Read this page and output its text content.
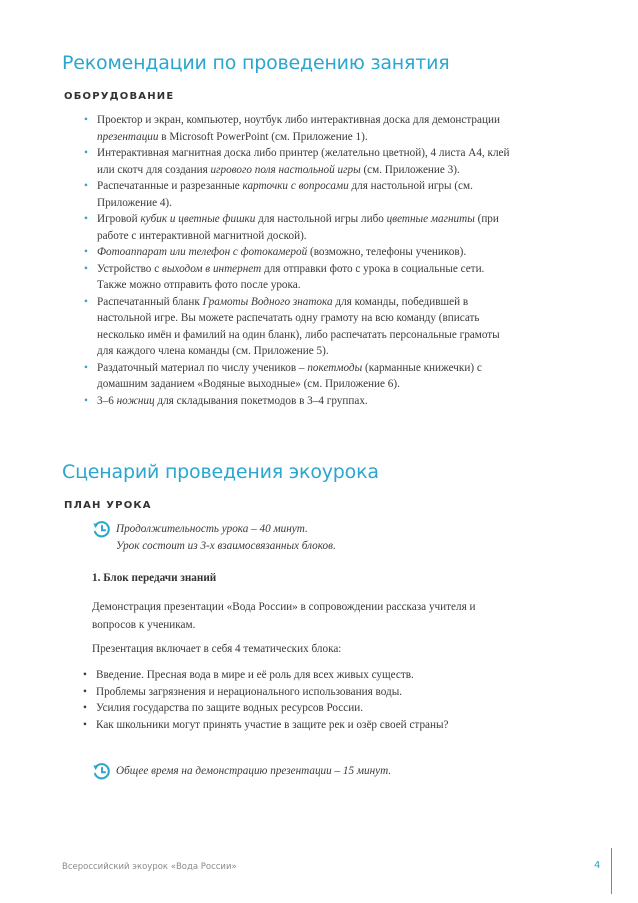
Рекомендации по проведению занятия
ОБОРУДОВАНИЕ
• Проектор и экран, компьютер, ноутбук либо интерактивная доска для демонстрации презентации в Microsoft PowerPoint (см. Приложение 1).
• Интерактивная магнитная доска либо принтер (желательно цветной), 4 листа А4, клей или скотч для создания игрового поля настольной игры (см. Приложение 3).
• Распечатанные и разрезанные карточки с вопросами для настольной игры (см. Приложение 4).
• Игровой кубик и цветные фишки для настольной игры либо цветные магниты (при работе с интерактивной магнитной доской).
• Фотоаппарат или телефон с фотокамерой (возможно, телефоны учеников).
• Устройство с выходом в интернет для отправки фото с урока в социальные сети. Также можно отправить фото после урока.
• Распечатанный бланк Грамоты Водного знатока для команды, победившей в настольной игре. Вы можете распечатать одну грамоту на всю команду (вписать несколько имён и фамилий на один бланк), либо распечатать персональные грамоты для каждого члена команды (см. Приложение 5).
• Раздаточный материал по числу учеников – покетмоды (карманные книжечки) с домашним заданием «Водяные выходные» (см. Приложение 6).
• 3–6 ножниц для складывания покетмодов в 3–4 группах.
Сценарий проведения экоурока
ПЛАН УРОКА
Продолжительность урока – 40 минут.
Урок состоит из 3-х взаимосвязанных блоков.

1. Блок передачи знаний

Демонстрация презентации «Вода России» в сопровождении рассказа учителя и вопросов к ученикам.

Презентация включает в себя 4 тематических блока:

• Введение. Пресная вода в мире и её роль для всех живых существ.
• Проблемы загрязнения и нерационального использования воды.
• Усилия государства по защите водных ресурсов России.
• Как школьники могут принять участие в защите рек и озёр своей страны?
Общее время на демонстрацию презентации – 15 минут.
Всероссийский экоурок «Вода России»	4
